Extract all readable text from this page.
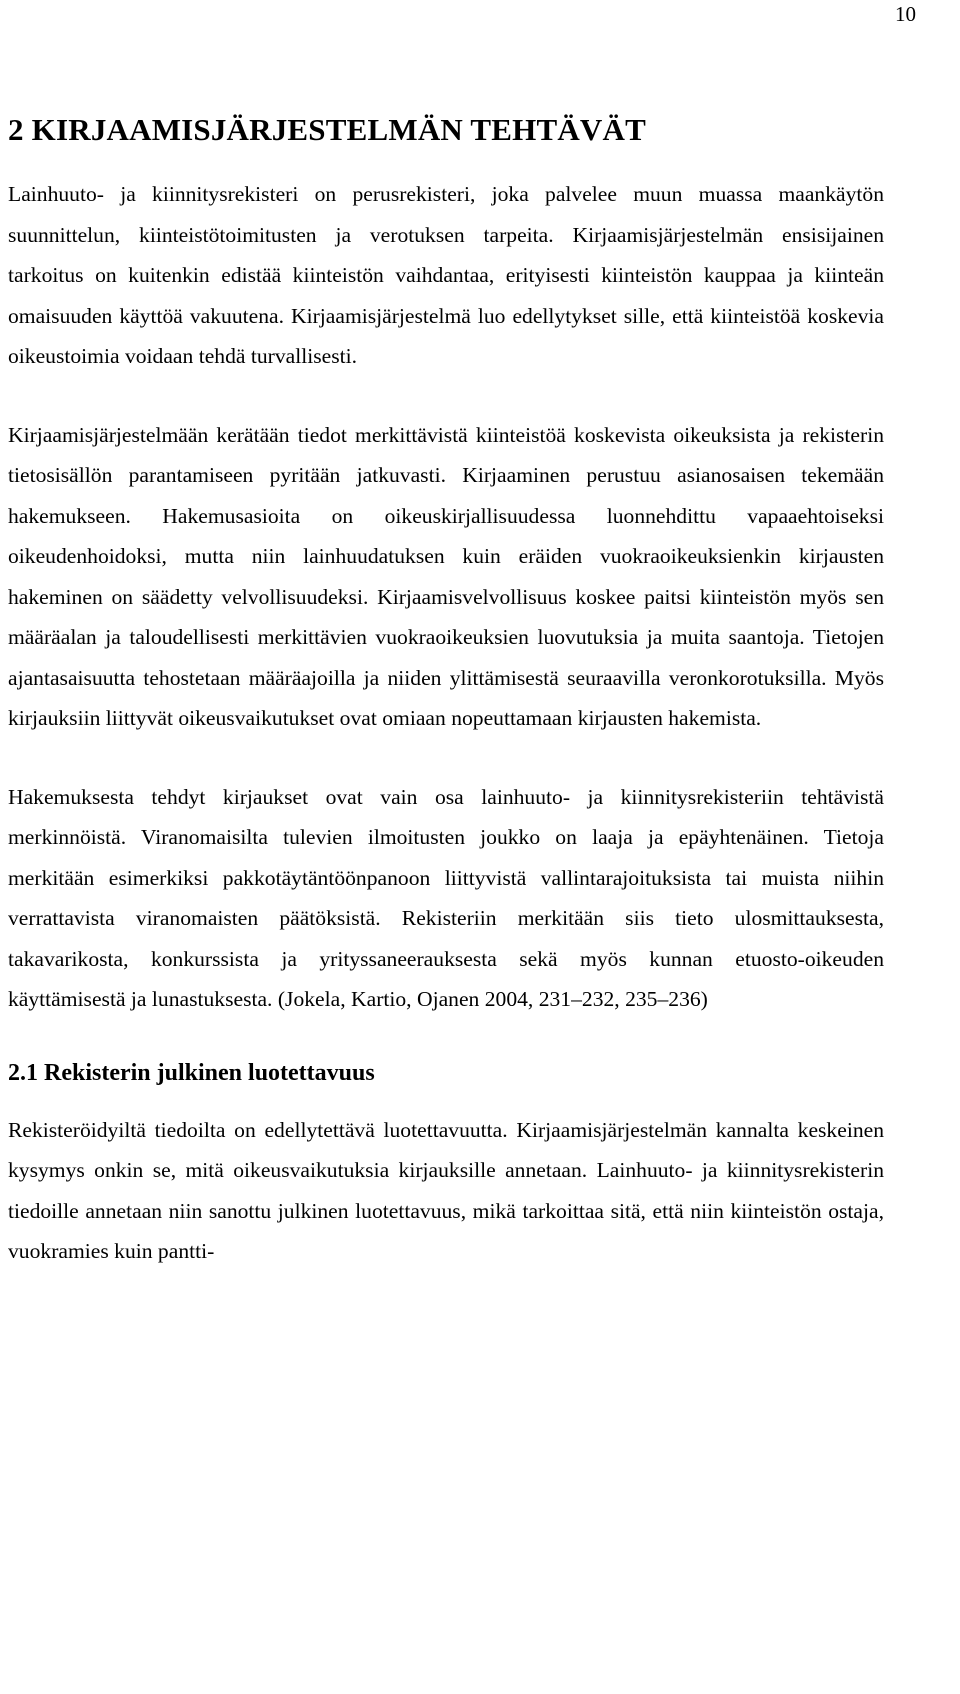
10
2 KIRJAAMISJÄRJESTELMÄN TEHTÄVÄT

Lainhuuto- ja kiinnitysrekisteri on perusrekisteri, joka palvelee muun muassa maankäytön suunnittelun, kiinteistötoimitusten ja verotuksen tarpeita. Kirjaamisjärjestelmän ensisijainen tarkoitus on kuitenkin edistää kiinteistön vaihdantaa, erityisesti kiinteistön kauppaa ja kiinteän omaisuuden käyttöä vakuutena. Kirjaamisjärjestelmä luo edellytykset sille, että kiinteistöä koskevia oikeustoimia voidaan tehdä turvallisesti.

Kirjaamisjärjestelmään kerätään tiedot merkittävistä kiinteistöä koskevista oikeuksista ja rekisterin tietosisällön parantamiseen pyritään jatkuvasti. Kirjaaminen perustuu asianosaisen tekemään hakemukseen. Hakemusasioita on oikeuskirjallisuudessa luonnehdittu vapaaehtoiseksi oikeudenhoidoksi, mutta niin lainhuudatuksen kuin eräiden vuokraoikeuksienkin kirjausten hakeminen on säädetty velvollisuudeksi. Kirjaamisvelvollisuus koskee paitsi kiinteistön myös sen määräalan ja taloudellisesti merkittävien vuokraoikeuksien luovutuksia ja muita saantoja. Tietojen ajantasaisuutta tehostetaan määräajoilla ja niiden ylittämisestä seuraavilla veronkorotuksilla. Myös kirjauksiin liittyvät oikeusvaikutukset ovat omiaan nopeuttamaan kirjausten hakemista.

Hakemuksesta tehdyt kirjaukset ovat vain osa lainhuuto- ja kiinnitysrekisteriin tehtävistä merkinnöistä. Viranomaisilta tulevien ilmoitusten joukko on laaja ja epäyhtenäinen. Tietoja merkitään esimerkiksi pakkotäytäntöönpanoon liittyvistä vallintarajoituksista tai muista niihin verrattavista viranomaisten päätöksistä. Rekisteriin merkitään siis tieto ulosmittauksesta, takavarikosta, konkurssista ja yrityssaneerauksesta sekä myös kunnan etuosto-oikeuden käyttämisestä ja lunastuksesta. (Jokela, Kartio, Ojanen 2004, 231–232, 235–236)

2.1 Rekisterin julkinen luotettavuus

Rekisteröidyiltä tiedoilta on edellytettävä luotettavuutta. Kirjaamisjärjestelmän kannalta keskeinen kysymys onkin se, mitä oikeusvaikutuksia kirjauksille annetaan. Lainhuuto- ja kiinnitysrekisterin tiedoille annetaan niin sanottu julkinen luotettavuus, mikä tarkoittaa sitä, että niin kiinteistön ostaja, vuokramies kuin pantti-
